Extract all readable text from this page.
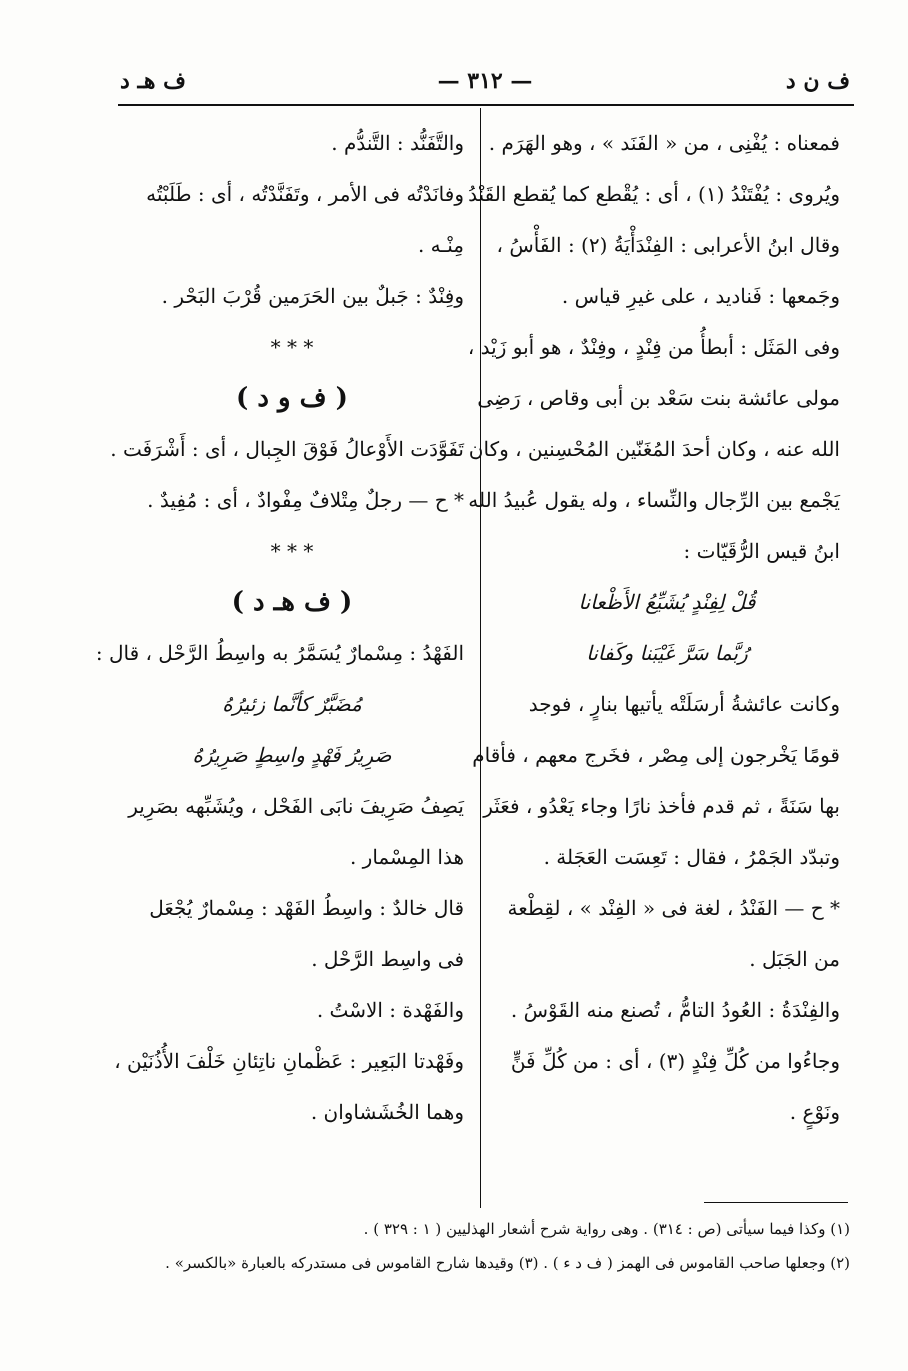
ف ن د
— ٣١٢ —
ف هـ د

فمعناه : يُفْنِى ، من « الفَنَد » ، وهو الهَرَم .

ويُروى : يُفْتَنْدُ (١) ، أى : يُقْطع كما يُقطع القَنْدُ .

وقال ابنُ الأعرابى : الفِنْدَأْيَةُ (٢) : الفَأْسُ ،

وجَمعها : فَناديد ، على غيرِ قياس .

وفى المَثَل : أبطأُ من فِنْدٍ ، وفِنْدٌ ، هو أبو زَيْد ،

مولى عائشة بنت سَعْد بن أبى وقاص ، رَضِى

الله عنه ، وكان أحدَ المُغَنّين المُحْسِنين ، وكان

يَجْمع بين الرِّجال والنِّساء ، وله يقول عُبيدُ الله

ابنُ قيس الرُّقَيّات :

قُلْ لِفِنْدٍ يُشَيِّعُ الأَظْعانا

رُبَّما سَرَّ غَيْبَنا وكَفانا

وكانت عائشةُ أرسَلَتْه يأتيها بنارٍ ، فوجد

قومًا يَخْرجون إلى مِصْر ، فخَرج معهم ، فأقام

بها سَنَةً ، ثم قدم فأخذ نارًا وجاء يَعْدُو ، فعَثَر

وتبدّد الجَمْرُ ، فقال : تَعِسَت العَجَلة .

* ح — الفَنْدُ ، لغة فى « الفِنْد » ، لقِطْعة

من الجَبَل .

والفِنْدَةُ : العُودُ التامُّ ، تُصنع منه القَوْسُ .

وجاءُوا من كُلِّ فِنْدٍ (٣) ، أى : من كُلِّ فَنٍّ

ونَوْعٍ .

والتَّفَنُّد : التَّندُّم .

وفانَدْتُه فى الأمر ، وتَفَنَّدْتُه ، أى : طَلَبْتُه

مِنْـه .

وفِنْدٌ : جَبلٌ بين الحَرَمين قُرْبَ البَحْر .

* * *

( ف و د )

تَفَوَّدَت الأَوْعالُ فَوْقَ الجِبال ، أى : أَشْرَفَت .

* ح — رجلٌ مِتْلافٌ مِفْوادٌ ، أى : مُفِيدٌ .

* * *

( ف هـ د )

الفَهْدُ : مِسْمارٌ يُسَمَّرُ به واسِطُ الرَّحْل ، قال :

مُضَبَّرٌ كأنَّما زئيرُهُ

صَرِيرُ فَهْدٍ واسِطٍ صَرِيرُهُ

يَصِفُ صَرِيفَ نابَى الفَحْل ، ويُشَبِّهه بصَرِير

هذا المِسْمار .

قال خالدٌ : واسِطُ الفَهْد : مِسْمارٌ يُجْعَل

فى واسِط الرَّحْل .

والفَهْدة : الاسْتُ .

وفَهْدتا البَعِير : عَظْمانِ ناتِئانِ خَلْفَ الأُذُنَيْن ،

وهما الخُشَشاوان .

(١) وكذا فيما سيأتى (ص : ٣١٤) . وهى رواية شرح أشعار الهذليين ( ١ : ٣٢٩ ) .

(٢) وجعلها صاحب القاموس فى الهمز ( ف د ء ) . (٣) وقيدها شارح القاموس فى مستدركه بالعبارة «بالكسر» .
